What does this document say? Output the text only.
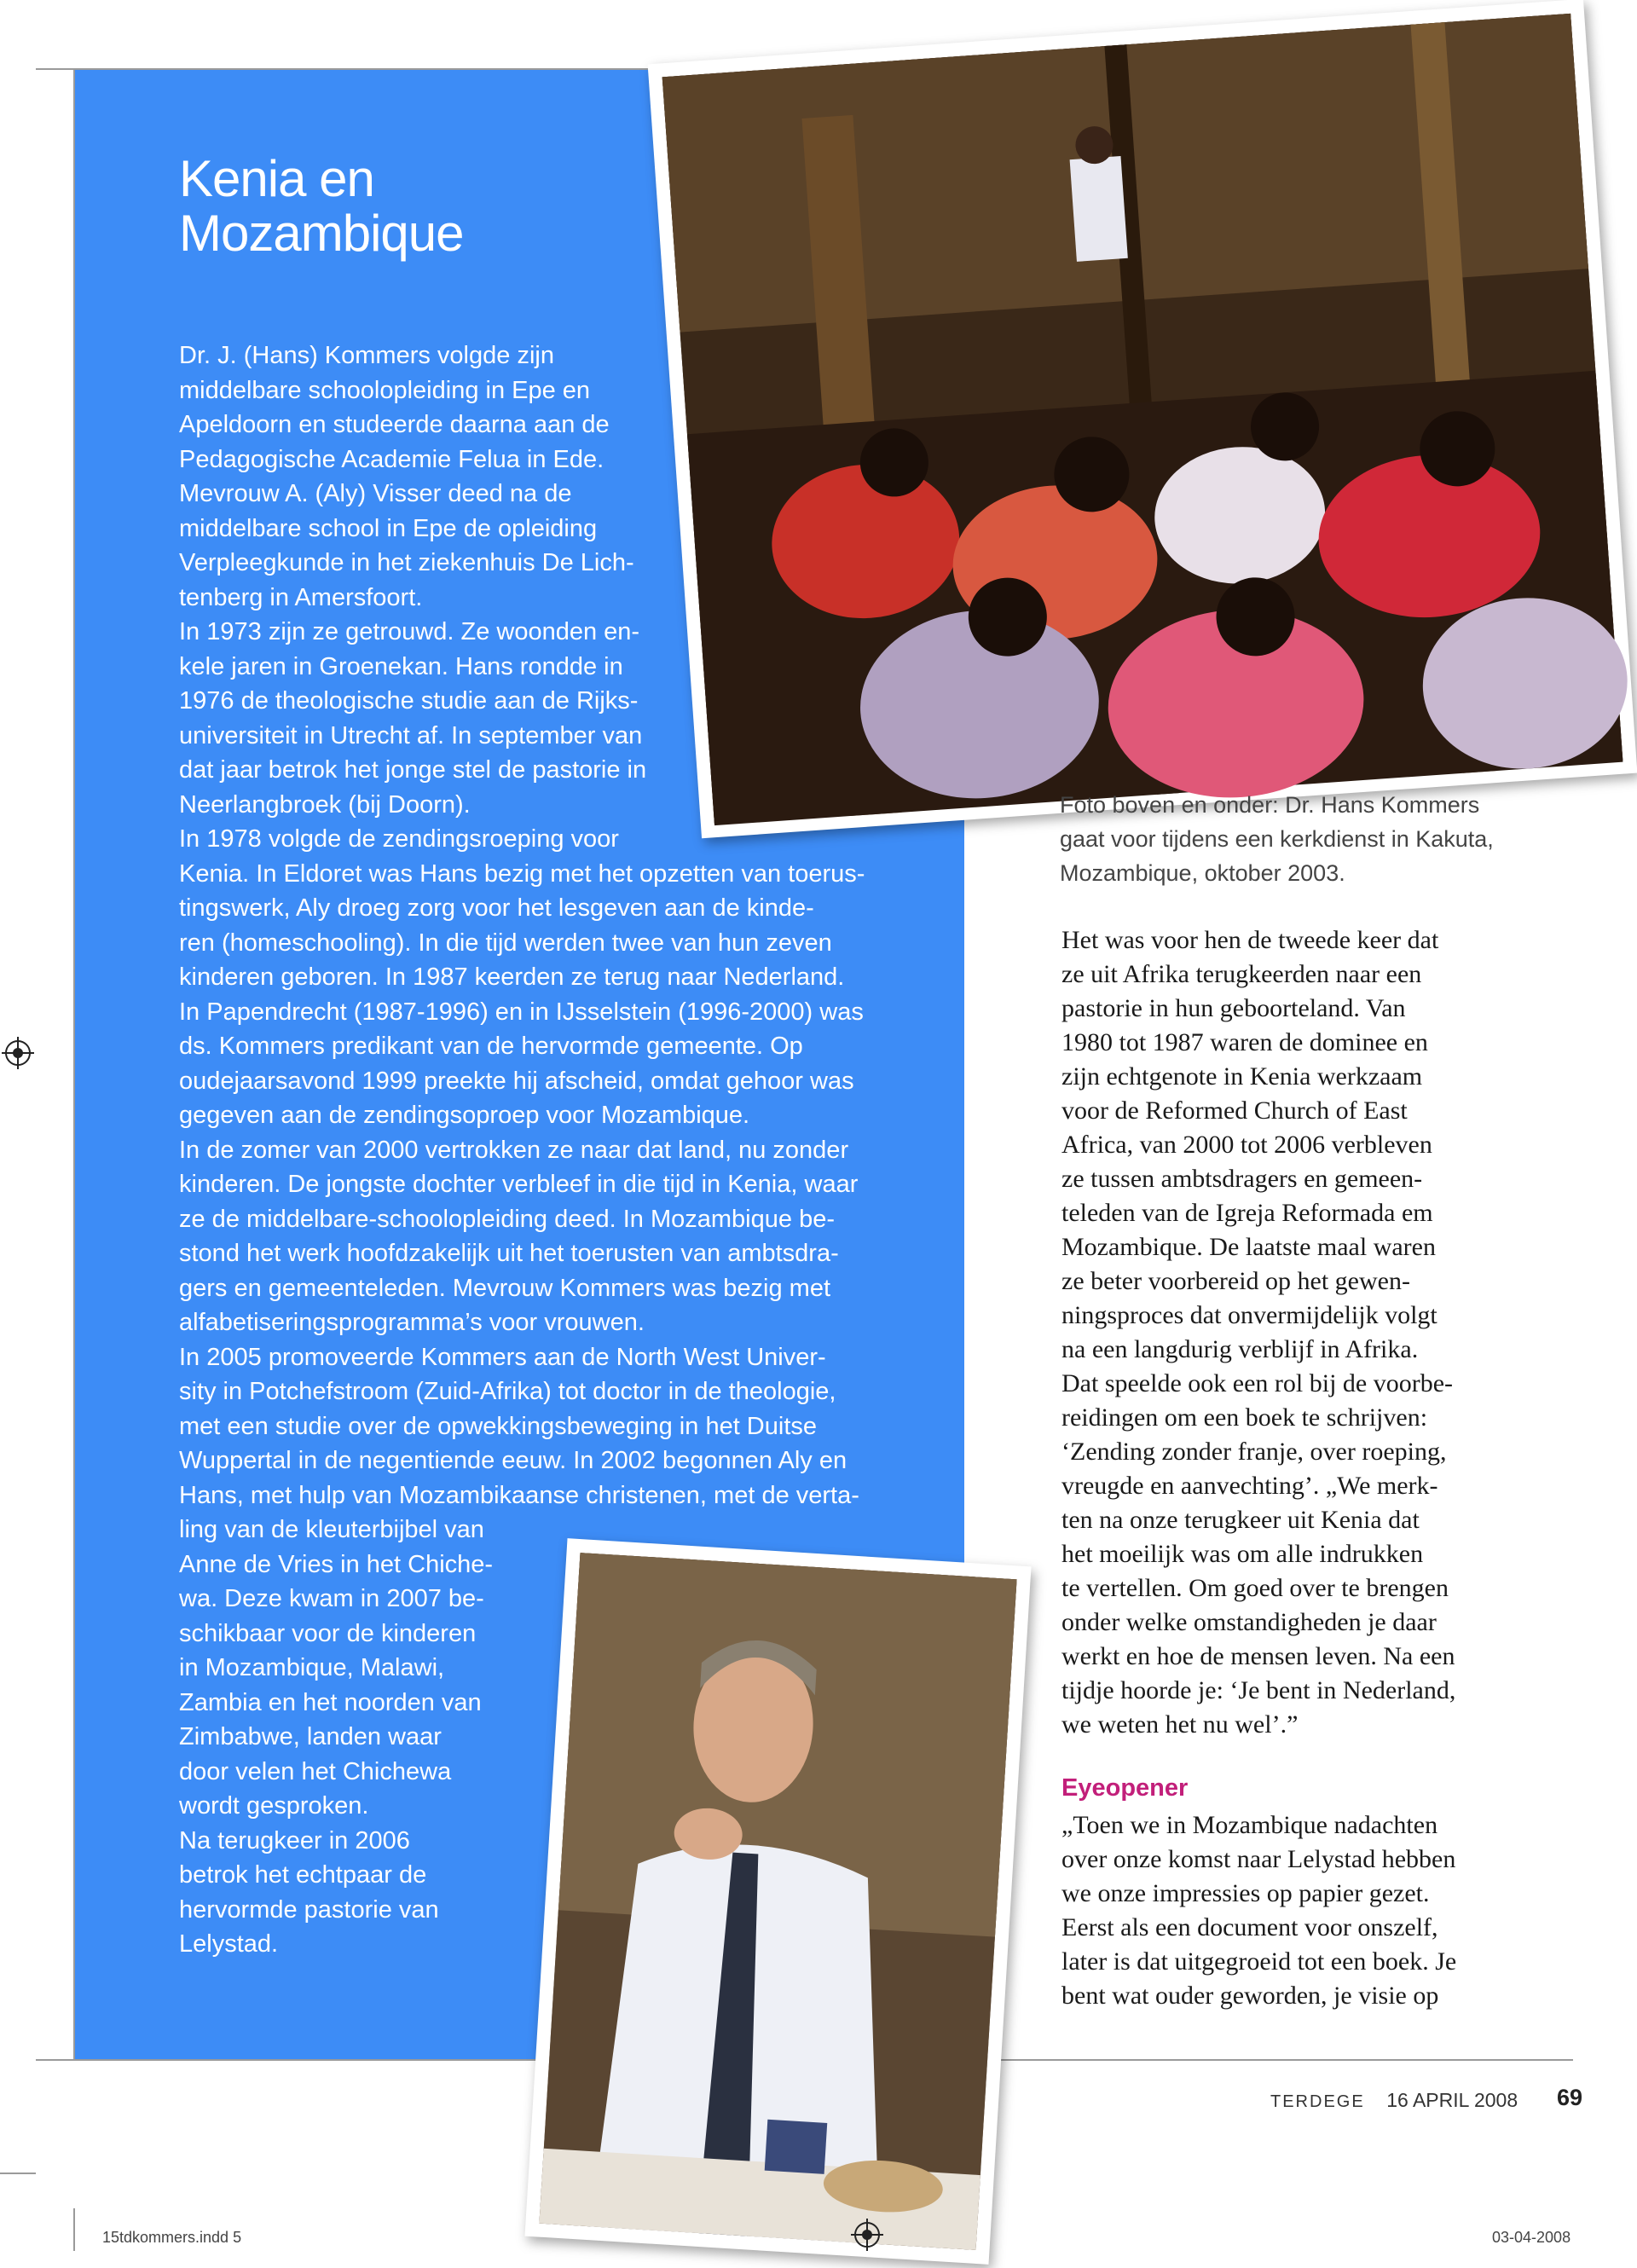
Kenia en
Mozambique
Dr. J. (Hans) Kommers volgde zijn
middelbare schoolopleiding in Epe en
Apeldoorn en studeerde daarna aan de
Pedagogische Academie Felua in Ede.
Mevrouw A. (Aly) Visser deed na de
middelbare school in Epe de opleiding
Verpleegkunde in het ziekenhuis De Lich-
tenberg in Amersfoort.
In 1973 zijn ze getrouwd. Ze woonden en-
kele jaren in Groenekan. Hans rondde in
1976 de theologische studie aan de Rijks-
universiteit in Utrecht af. In september van
dat jaar betrok het jonge stel de pastorie in
Neerlangbroek (bij Doorn).
In 1978 volgde de zendingsroeping voor
Kenia. In Eldoret was Hans bezig met het opzetten van toerus-
tingswerk, Aly droeg zorg voor het lesgeven aan de kinde-
ren (homeschooling). In die tijd werden twee van hun zeven
kinderen geboren. In 1987 keerden ze terug naar Nederland.
In Papendrecht (1987-1996) en in IJsselstein (1996-2000) was
ds. Kommers predikant van de hervormde gemeente. Op
oudejaarsavond 1999 preekte hij afscheid, omdat gehoor was
gegeven aan de zendingsoproep voor Mozambique.
In de zomer van 2000 vertrokken ze naar dat land, nu zonder
kinderen. De jongste dochter verbleef in die tijd in Kenia, waar
ze de middelbare-schoolopleiding deed. In Mozambique be-
stond het werk hoofdzakelijk uit het toerusten van ambtsdra-
gers en gemeenteleden. Mevrouw Kommers was bezig met
alfabetiseringsprogramma’s voor vrouwen.
In 2005 promoveerde Kommers aan de North West Univer-
sity in Potchefstroom (Zuid-Afrika) tot doctor in de theologie,
met een studie over de opwekkingsbeweging in het Duitse
Wuppertal in de negentiende eeuw. In 2002 begonnen Aly en
Hans, met hulp van Mozambikaanse christenen, met de verta-
ling van de kleuterbijbel van
Anne de Vries in het Chiche-
wa. Deze kwam in 2007 be-
schikbaar voor de kinderen
in Mozambique, Malawi,
Zambia en het noorden van
Zimbabwe, landen waar
door velen het Chichewa
wordt gesproken.
Na terugkeer in 2006
betrok het echtpaar de
hervormde pastorie van
Lelystad.
Foto boven en onder: Dr. Hans Kommers
gaat voor tijdens een kerkdienst in Kakuta,
Mozambique, oktober 2003.
Het was voor hen de tweede keer dat
ze uit Afrika terugkeerden naar een
pastorie in hun geboorteland. Van
1980 tot 1987 waren de dominee en
zijn echtgenote in Kenia werkzaam
voor de Reformed Church of East
Africa, van 2000 tot 2006 verbleven
ze tussen ambtsdragers en gemeen-
teleden van de Igreja Reformada em
Mozambique. De laatste maal waren
ze beter voorbereid op het gewen-
ningsproces dat onvermijdelijk volgt
na een langdurig verblijf in Afrika.
Dat speelde ook een rol bij de voorbe-
reidingen om een boek te schrijven:
‘Zending zonder franje, over roeping,
vreugde en aanvechting’. „We merk-
ten na onze terugkeer uit Kenia dat
het moeilijk was om alle indrukken
te vertellen. Om goed over te brengen
onder welke omstandigheden je daar
werkt en hoe de mensen leven. Na een
tijdje hoorde je: ‘Je bent in Nederland,
we weten het nu wel’.”
Eyeopener
„Toen we in Mozambique nadachten
over onze komst naar Lelystad hebben
we onze impressies op papier gezet.
Eerst als een document voor onszelf,
later is dat uitgegroeid tot een boek. Je
bent wat ouder geworden, je visie op
TERDEGE 16 APRIL 2008 69
15tdkommers.indd 5	03-04-2008
